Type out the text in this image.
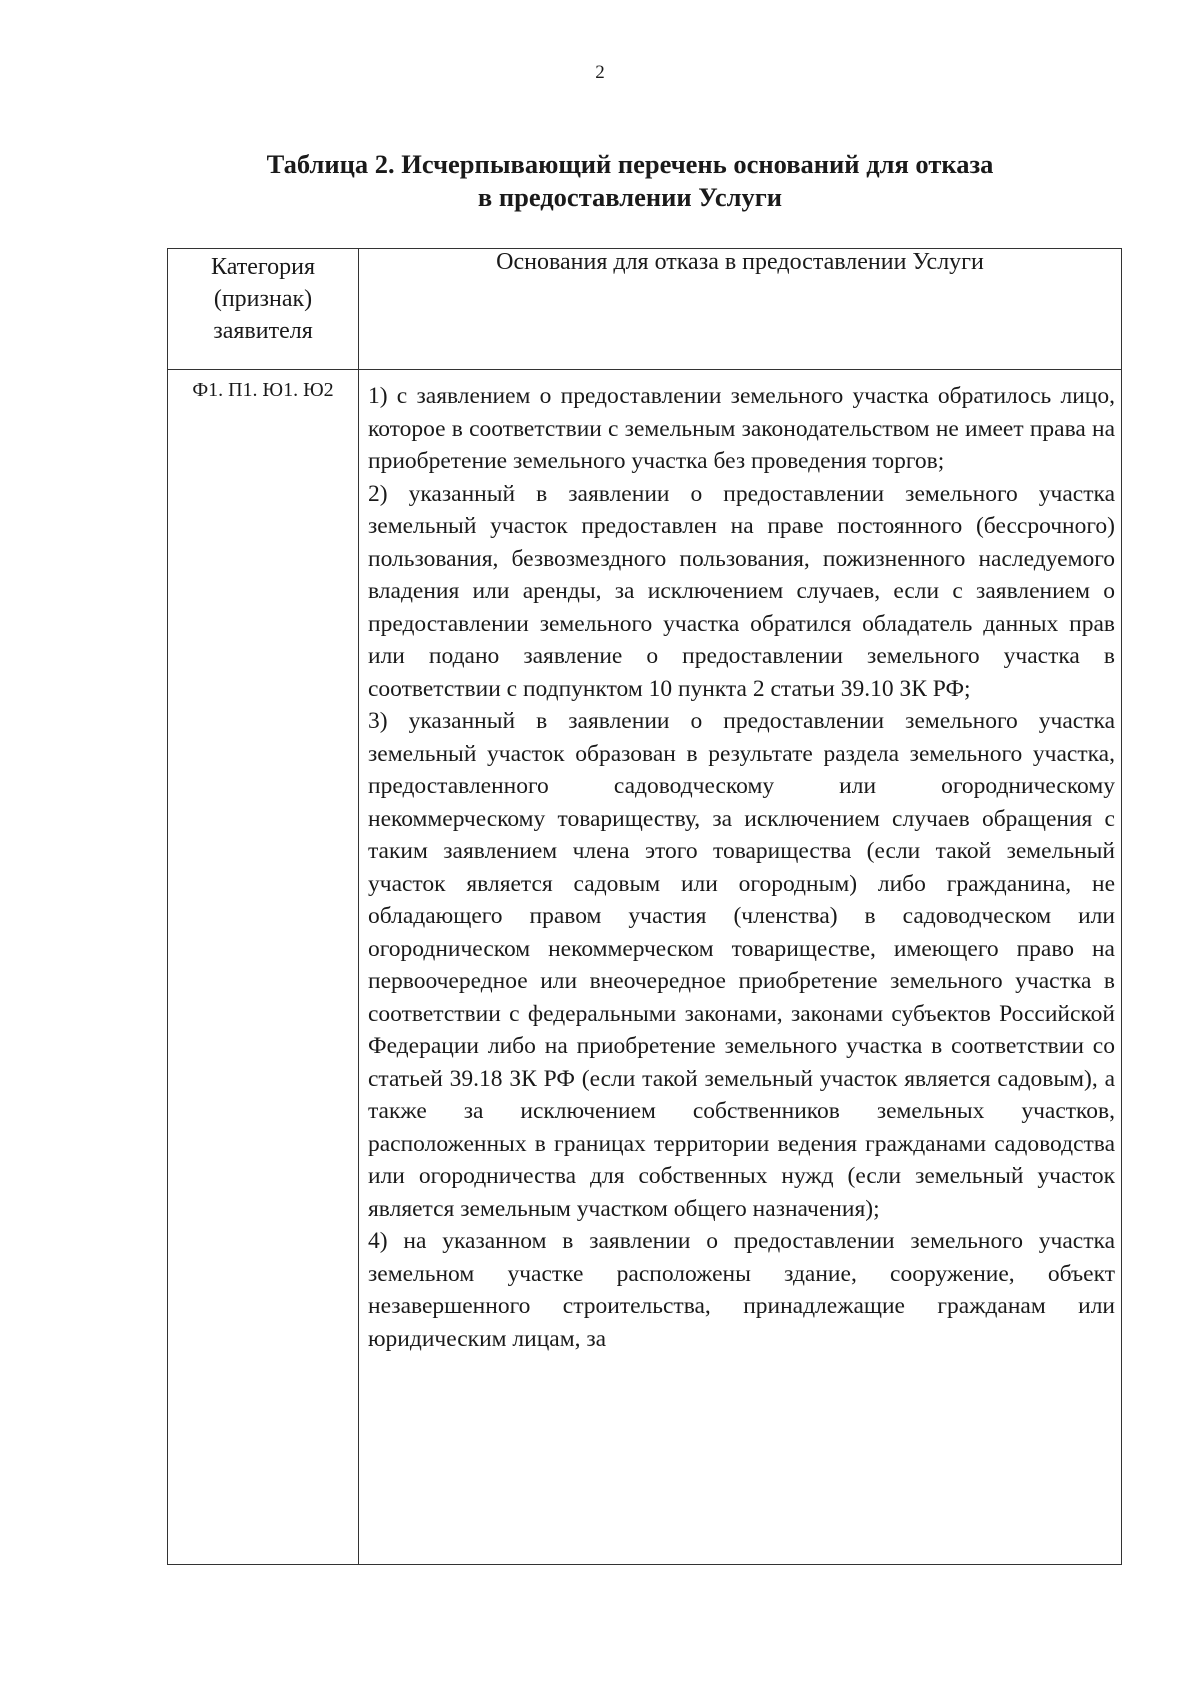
2
Таблица 2. Исчерпывающий перечень оснований для отказа
в предоставлении Услуги
Категория (признак) заявителя	Основания для отказа в предоставлении Услуги
Ф1. П1. Ю1. Ю2	1) с заявлением о предоставлении земельного участка обратилось лицо, которое в соответствии с земельным законодательством не имеет права на приобретение земельного участка без проведения торгов;

2) указанный в заявлении о предоставлении земельного участка земельный участок предоставлен на праве постоянного (бессрочного) пользования, безвозмездного пользования, пожизненного наследуемого владения или аренды, за исключением случаев, если с заявлением о предоставлении земельного участка обратился обладатель данных прав или подано заявление о предоставлении земельного участка в соответствии с подпунктом 10 пункта 2 статьи 39.10 ЗК РФ;

3) указанный в заявлении о предоставлении земельного участка земельный участок образован в результате раздела земельного участка, предоставленного садоводческому или огородническому некоммерческому товариществу, за исключением случаев обращения с таким заявлением члена этого товарищества (если такой земельный участок является садовым или огородным) либо гражданина, не обладающего правом участия (членства) в садоводческом или огородническом некоммерческом товариществе, имеющего право на первоочередное или внеочередное приобретение земельного участка в соответствии с федеральными законами, законами субъектов Российской Федерации либо на приобретение земельного участка в соответствии со статьей 39.18 ЗК РФ (если такой земельный участок является садовым), а также за исключением собственников земельных участков, расположенных в границах территории ведения гражданами садоводства или огородничества для собственных нужд (если земельный участок является земельным участком общего назначения);

4) на указанном в заявлении о предоставлении земельного участка земельном участке расположены здание, сооружение, объект незавершенного строительства, принадлежащие гражданам или юридическим лицам, за
